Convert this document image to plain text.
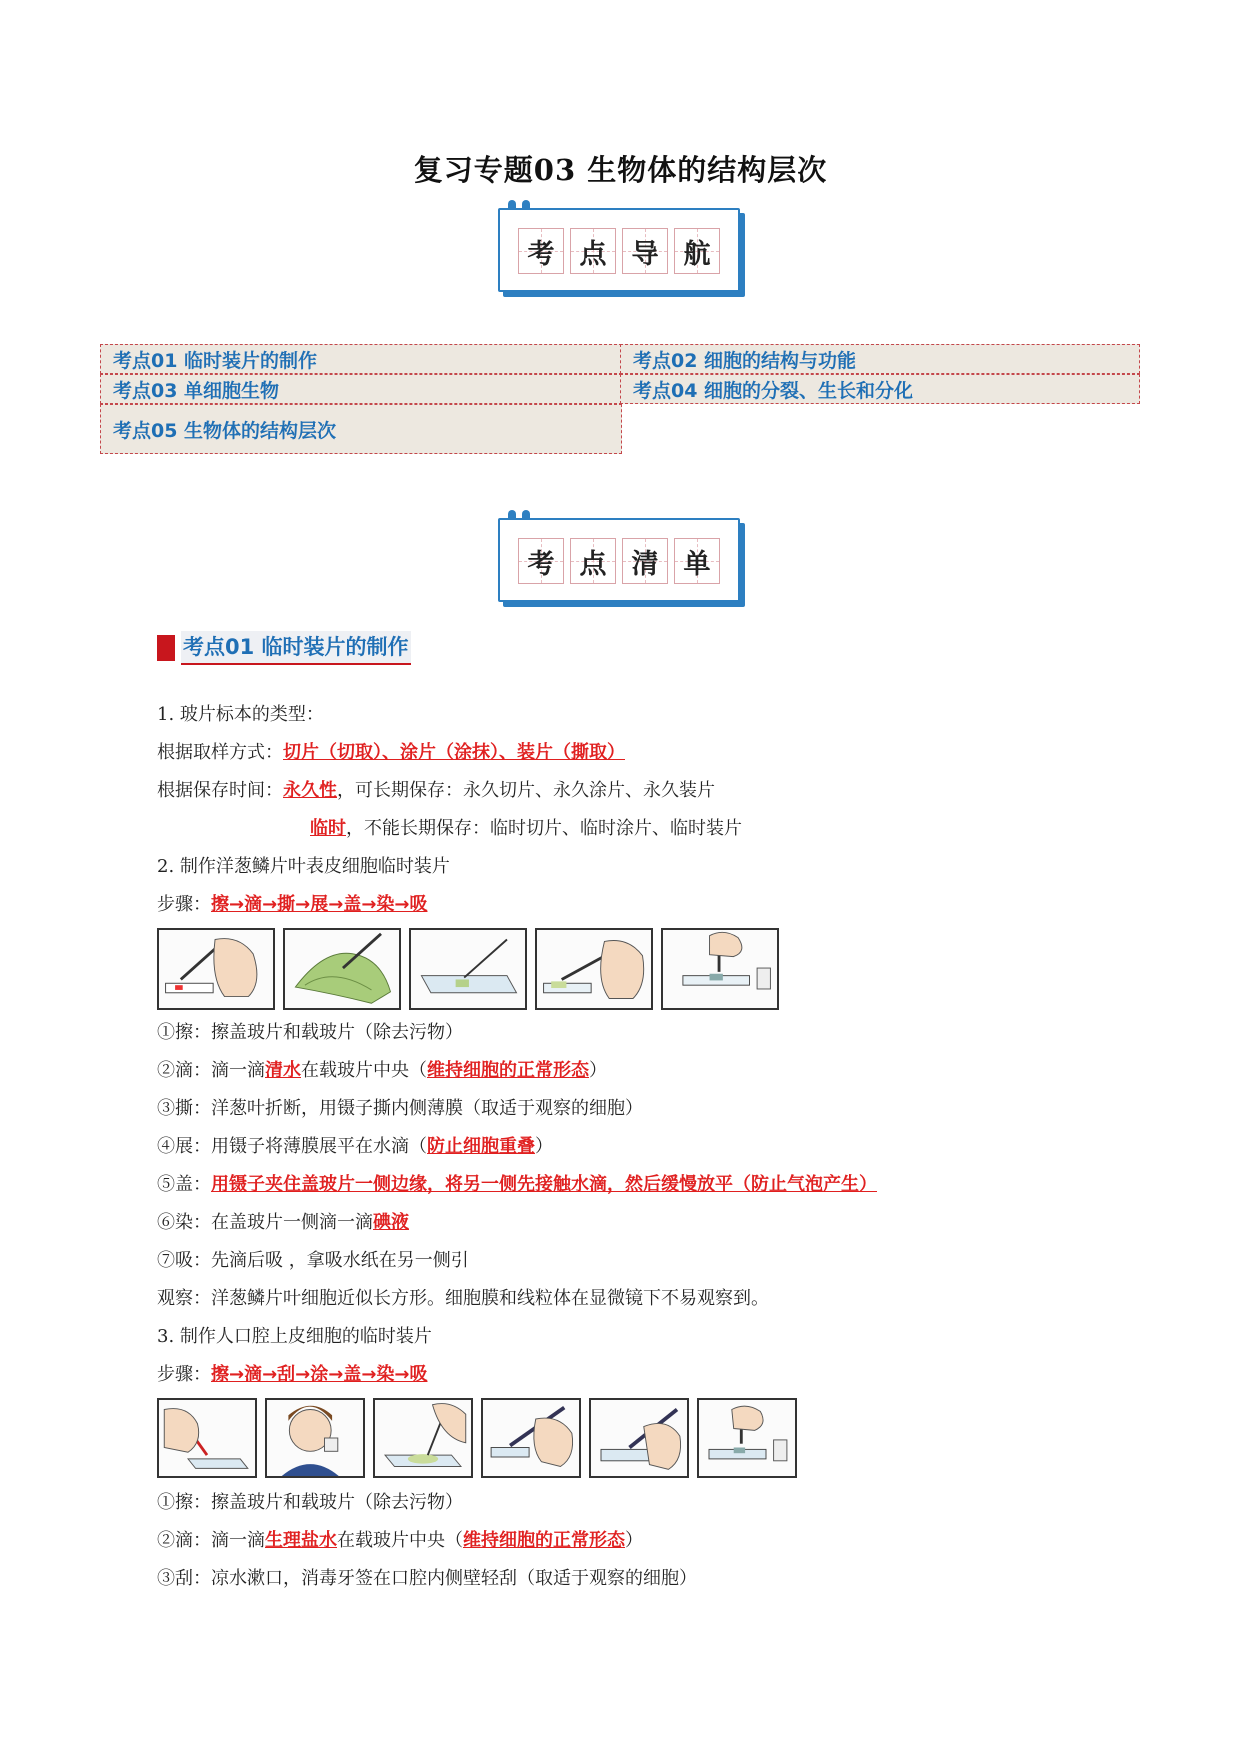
复习专题03 生物体的结构层次
考 点 导 航
考点01 临时装片的制作	考点02 细胞的结构与功能
考点03 单细胞生物	考点04 细胞的分裂、生长和分化
考点05 生物体的结构层次
考 点 清 单
考点01 临时装片的制作
1. 玻片标本的类型：
根据取样方式：切片（切取）、涂片（涂抹）、装片（撕取）
根据保存时间：永久性，可长期保存：永久切片、永久涂片、永久装片
临时，不能长期保存：临时切片、临时涂片、临时装片
2. 制作洋葱鳞片叶表皮细胞临时装片
步骤：擦→滴→撕→展→盖→染→吸
①擦：擦盖玻片和载玻片（除去污物）
②滴：滴一滴清水在载玻片中央（维持细胞的正常形态）
③撕：洋葱叶折断，用镊子撕内侧薄膜（取适于观察的细胞）
④展：用镊子将薄膜展平在水滴（防止细胞重叠）
⑤盖：用镊子夹住盖玻片一侧边缘，将另一侧先接触水滴，然后缓慢放平（防止气泡产生）
⑥染：在盖玻片一侧滴一滴碘液
⑦吸：先滴后吸 ，拿吸水纸在另一侧引
观察：洋葱鳞片叶细胞近似长方形。细胞膜和线粒体在显微镜下不易观察到。
3. 制作人口腔上皮细胞的临时装片
步骤：擦→滴→刮→涂→盖→染→吸
①擦：擦盖玻片和载玻片（除去污物）
②滴：滴一滴生理盐水在载玻片中央（维持细胞的正常形态）
③刮：凉水漱口，消毒牙签在口腔内侧壁轻刮（取适于观察的细胞）
